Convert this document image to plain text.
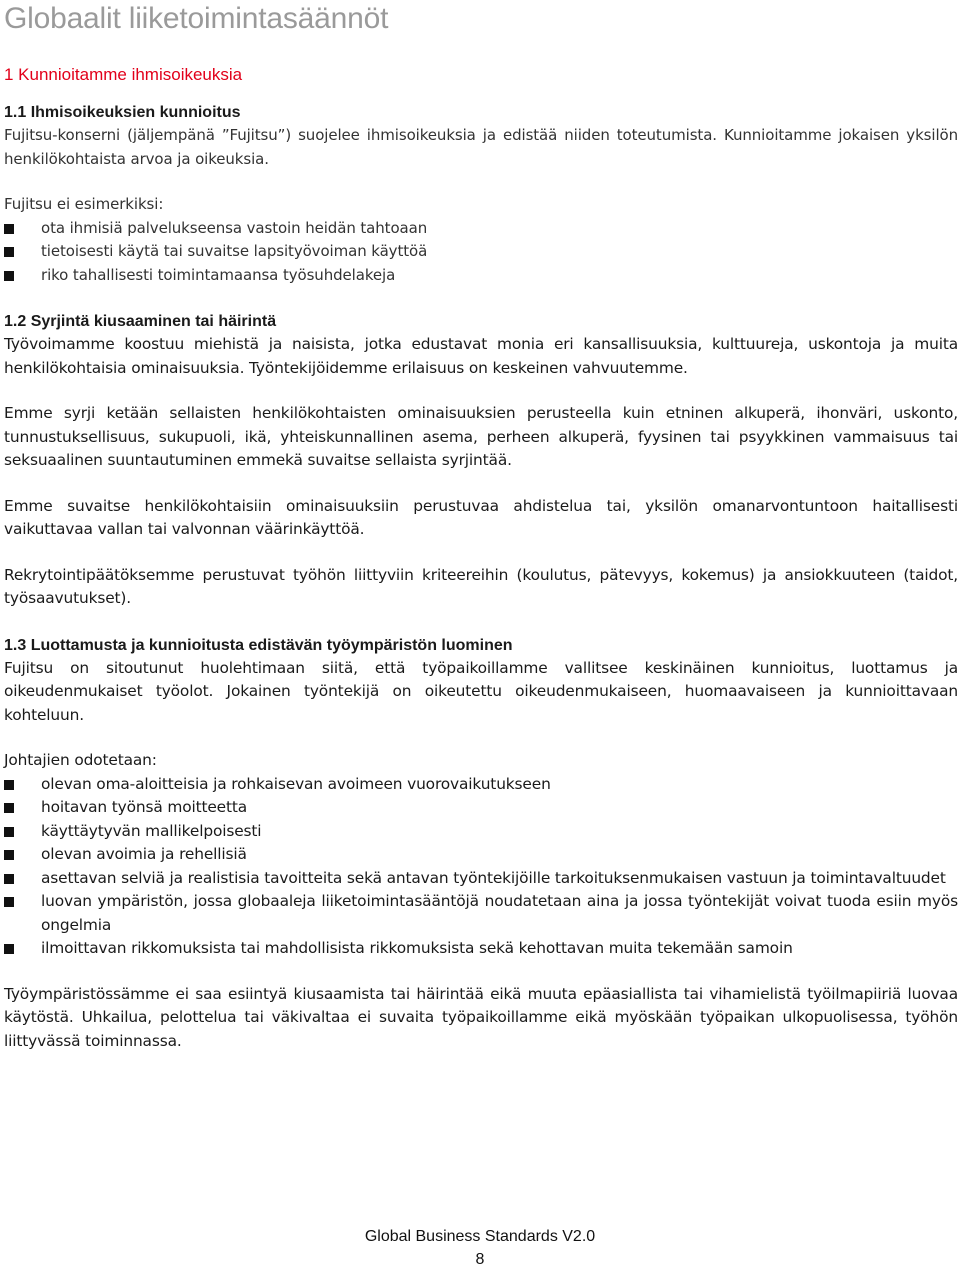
Globaalit liiketoimintasäännöt
1 Kunnioitamme ihmisoikeuksia
1.1 Ihmisoikeuksien kunnioitus

Fujitsu-konserni (jäljempänä ”Fujitsu”) suojelee ihmisoikeuksia ja edistää niiden toteutumista. Kunnioitamme jokaisen yksilön henkilökohtaista arvoa ja oikeuksia.

Fujitsu ei esimerkiksi:

ota ihmisiä palvelukseensa vastoin heidän tahtoaan
tietoisesti käytä tai suvaitse lapsityövoiman käyttöä
riko tahallisesti toimintamaansa työsuhdelakeja
1.2 Syrjintä kiusaaminen tai häirintä

Työvoimamme koostuu miehistä ja naisista, jotka edustavat monia eri kansallisuuksia, kulttuureja, uskontoja ja muita henkilökohtaisia ominaisuuksia. Työntekijöidemme erilaisuus on keskeinen vahvuutemme.

Emme syrji ketään sellaisten henkilökohtaisten ominaisuuksien perusteella kuin etninen alkuperä, ihonväri, uskonto, tunnustuksellisuus, sukupuoli, ikä, yhteiskunnallinen asema, perheen alkuperä, fyysinen tai psyykkinen vammaisuus tai seksuaalinen suuntautuminen emmekä suvaitse sellaista syrjintää.

Emme suvaitse henkilökohtaisiin ominaisuuksiin perustuvaa ahdistelua tai, yksilön omanarvontuntoon haitallisesti vaikuttavaa vallan tai valvonnan väärinkäyttöä.

Rekrytointipäätöksemme perustuvat työhön liittyviin kriteereihin (koulutus, pätevyys, kokemus) ja ansiokkuuteen (taidot, työsaavutukset).

1.3 Luottamusta ja kunnioitusta edistävän työympäristön luominen

Fujitsu on sitoutunut huolehtimaan siitä, että työpaikoillamme vallitsee keskinäinen kunnioitus, luottamus ja oikeudenmukaiset työolot. Jokainen työntekijä on oikeutettu oikeudenmukaiseen, huomaavaiseen ja kunnioittavaan kohteluun.

Johtajien odotetaan:

olevan oma-aloitteisia ja rohkaisevan avoimeen vuorovaikutukseen
hoitavan työnsä moitteetta
käyttäytyvän mallikelpoisesti
olevan avoimia ja rehellisiä
asettavan selviä ja realistisia tavoitteita sekä antavan työntekijöille tarkoituksenmukaisen vastuun ja toimintavaltuudet
luovan ympäristön, jossa globaaleja liiketoimintasääntöjä noudatetaan aina ja jossa työntekijät voivat tuoda esiin myös ongelmia
ilmoittavan rikkomuksista tai mahdollisista rikkomuksista sekä kehottavan muita tekemään samoin

Työympäristössämme ei saa esiintyä kiusaamista tai häirintää eikä muuta epäasiallista tai vihamielistä työilmapiiriä luovaa käytöstä. Uhkailua, pelottelua tai väkivaltaa ei suvaita työpaikoillamme eikä myöskään työpaikan ulkopuolisessa, työhön liittyvässä toiminnassa.

Global Business Standards V2.0
8
